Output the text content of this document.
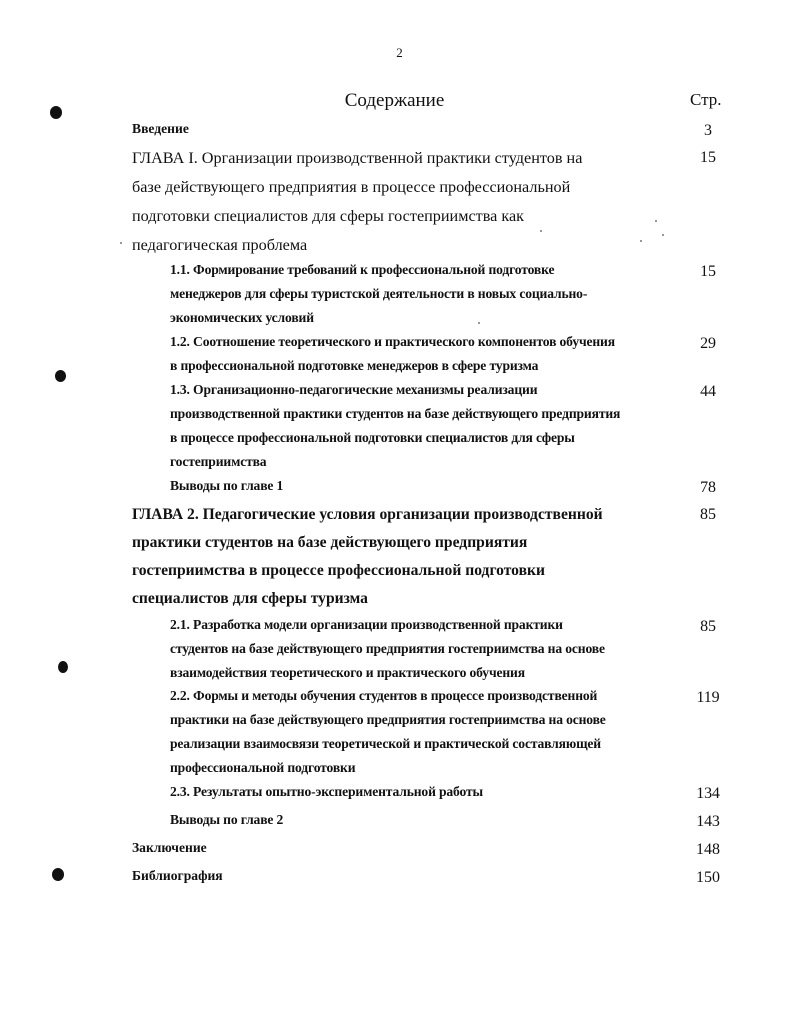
2
Содержание	Стр.
Введение	3
ГЛАВА I. Организации производственной практики студентов на
базе действующего предприятия в процессе профессиональной
подготовки специалистов для сферы гостеприимства как
педагогическая проблема
15
1.1. Формирование требований к профессиональной подготовке
менеджеров для сферы туристской деятельности в новых социально-
экономических условий
15
1.2. Соотношение теоретического и практического компонентов обучения
в профессиональной подготовке менеджеров в сфере туризма
29
1.3. Организационно-педагогические механизмы реализации
производственной практики студентов на базе действующего предприятия
в процессе профессиональной подготовки специалистов для сферы
гостеприимства
44
Выводы по главе 1	78
ГЛАВА 2. Педагогические условия организации производственной
практики студентов на базе действующего предприятия
гостеприимства в процессе профессиональной подготовки
специалистов для сферы туризма
85
2.1. Разработка модели организации производственной практики
студентов на базе действующего предприятия гостеприимства на основе
взаимодействия теоретического и практического обучения
85
2.2. Формы и методы обучения студентов в процессе производственной
практики на базе действующего предприятия гостеприимства на основе
реализации взаимосвязи теоретической и практической составляющей
профессиональной подготовки
119
2.3. Результаты опытно-экспериментальной работы	134
Выводы по главе 2	143
Заключение	148
Библиография	150
